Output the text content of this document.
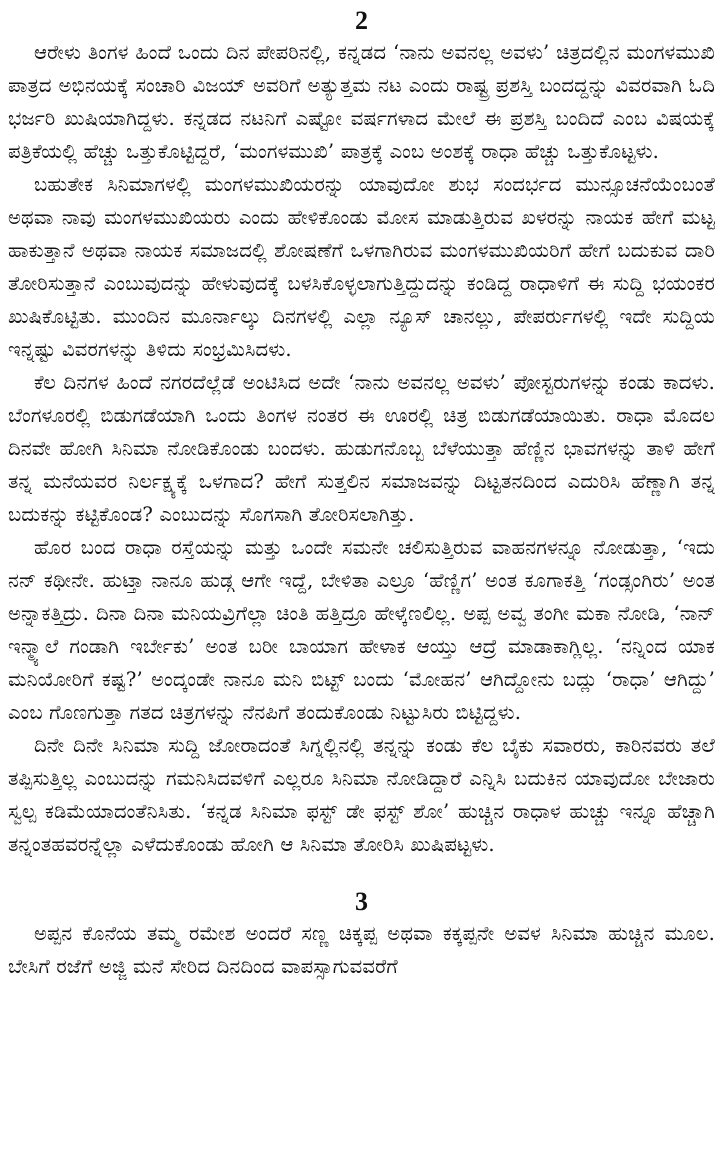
2

ಆರೇಳು ತಿಂಗಳ ಹಿಂದೆ ಒಂದು ದಿನ ಪೇಪರಿನಲ್ಲಿ, ಕನ್ನಡದ ‘ನಾನು ಅವನಲ್ಲ ಅವಳು’ ಚಿತ್ರದಲ್ಲಿನ ಮಂಗಳಮುಖಿ ಪಾತ್ರದ ಅಭಿನಯಕ್ಕೆ ಸಂಚಾರಿ ವಿಜಯ್ ಅವರಿಗೆ ಅತ್ಯುತ್ತಮ ನಟ ಎಂದು ರಾಷ್ಟ್ರ ಪ್ರಶಸ್ತಿ ಬಂದದ್ದನ್ನು ವಿವರವಾಗಿ ಓದಿ ಭರ್ಜರಿ ಖುಷಿಯಾಗಿದ್ದಳು. ಕನ್ನಡದ ನಟನಿಗೆ ಎಷ್ಟೋ ವರ್ಷಗಳಾದ ಮೇಲೆ ಈ ಪ್ರಶಸ್ತಿ ಬಂದಿದೆ ಎಂಬ ವಿಷಯಕ್ಕೆ ಪತ್ರಿಕೆಯಲ್ಲಿ ಹೆಚ್ಚು ಒತ್ತುಕೊಟ್ಟಿದ್ದರೆ, ‘ಮಂಗಳಮುಖಿ’ ಪಾತ್ರಕ್ಕೆ ಎಂಬ ಅಂಶಕ್ಕೆ ರಾಧಾ ಹೆಚ್ಚು ಒತ್ತುಕೊಟ್ಟಳು.

ಬಹುತೇಕ ಸಿನಿಮಾಗಳಲ್ಲಿ ಮಂಗಳಮುಖಿಯರನ್ನು ಯಾವುದೋ ಶುಭ ಸಂದರ್ಭದ ಮುನ್ಸೂಚನೆಯೆಂಬಂತೆ ಅಥವಾ ನಾವು ಮಂಗಳಮುಖಿಯರು ಎಂದು ಹೇಳಿಕೊಂಡು ಮೋಸ ಮಾಡುತ್ತಿರುವ ಖಳರನ್ನು ನಾಯಕ ಹೇಗೆ ಮಟ್ಟ ಹಾಕುತ್ತಾನೆ ಅಥವಾ ನಾಯಕ ಸಮಾಜದಲ್ಲಿ ಶೋಷಣೆಗೆ ಒಳಗಾಗಿರುವ ಮಂಗಳಮುಖಿಯರಿಗೆ ಹೇಗೆ ಬದುಕುವ ದಾರಿ ತೋರಿಸುತ್ತಾನೆ ಎಂಬುವುದನ್ನು ಹೇಳುವುದಕ್ಕೆ ಬಳಸಿಕೊಳ್ಳಲಾಗುತ್ತಿದ್ದುದನ್ನು ಕಂಡಿದ್ದ ರಾಧಾಳಿಗೆ ಈ ಸುದ್ದಿ ಭಯಂಕರ ಖುಷಿಕೊಟ್ಟಿತು. ಮುಂದಿನ ಮೂರ್ನಾಲ್ಕು ದಿನಗಳಲ್ಲಿ ಎಲ್ಲಾ ನ್ಯೂಸ್ ಚಾನಲ್ಲು, ಪೇಪರ್ರುಗಳಲ್ಲಿ ಇದೇ ಸುದ್ದಿಯ ಇನ್ನಷ್ಟು ವಿವರಗಳನ್ನು ತಿಳಿದು ಸಂಭ್ರಮಿಸಿದಳು.

ಕೆಲ ದಿನಗಳ ಹಿಂದೆ ನಗರದೆಲ್ಲೆಡೆ ಅಂಟಿಸಿದ ಅದೇ ‘ನಾನು ಅವನಲ್ಲ ಅವಳು’ ಪೋಸ್ಟರುಗಳನ್ನು ಕಂಡು ಕಾದಳು. ಬೆಂಗಳೂರಲ್ಲಿ ಬಿಡುಗಡೆಯಾಗಿ ಒಂದು ತಿಂಗಳ ನಂತರ ಈ ಊರಲ್ಲಿ ಚಿತ್ರ ಬಿಡುಗಡೆಯಾಯಿತು. ರಾಧಾ ಮೊದಲ ದಿನವೇ ಹೋಗಿ ಸಿನಿಮಾ ನೋಡಿಕೊಂಡು ಬಂದಳು. ಹುಡುಗನೊಬ್ಬ ಬೆಳೆಯುತ್ತಾ ಹೆಣ್ಣಿನ ಭಾವಗಳನ್ನು ತಾಳಿ ಹೇಗೆ ತನ್ನ ಮನೆಯವರ ನಿರ್ಲಕ್ಷ್ಯಕ್ಕೆ ಒಳಗಾದ? ಹೇಗೆ ಸುತ್ತಲಿನ ಸಮಾಜವನ್ನು ದಿಟ್ಟತನದಿಂದ ಎದುರಿಸಿ ಹೆಣ್ಣಾಗಿ ತನ್ನ ಬದುಕನ್ನು ಕಟ್ಟಿಕೊಂಡ? ಎಂಬುದನ್ನು ಸೊಗಸಾಗಿ ತೋರಿಸಲಾಗಿತ್ತು.

ಹೊರ ಬಂದ ರಾಧಾ ರಸ್ತೆಯನ್ನು ಮತ್ತು ಒಂದೇ ಸಮನೇ ಚಲಿಸುತ್ತಿರುವ ವಾಹನಗಳನ್ನೂ ನೋಡುತ್ತಾ, ‘ಇದು ನನ್ ಕಥೀನೇ. ಹುಟ್ತಾ ನಾನೂ ಹುಡ್ಗ ಆಗೇ ಇದ್ದೆ, ಬೇಳಿತಾ ಎಲ್ರೂ ‘ಹೆಣ್ಣಿಗ’ ಅಂತ ಕೂಗಾಕತ್ತಿ ‘ಗಂಡ್ಸಂಗಿರು’ ಅಂತ ಅನ್ನಾಕತ್ತಿದ್ರು. ದಿನಾ ದಿನಾ ಮನಿಯವ್ರಿಗೆಲ್ಲಾ ಚಿಂತಿ ಹತ್ತಿದ್ರೂ ಹೇಳ್ಕೆಣಲಿಲ್ಲ. ಅಪ್ಪ ಅವ್ವ ತಂಗೀ ಮಕಾ ನೋಡಿ, ‘ನಾನ್ ಇನ್ಮ್ಯಾಲೆ ಗಂಡಾಗಿ ಇರ್ಬೇಕು’ ಅಂತ ಬರೀ ಬಾಯಾಗ ಹೇಳಾಕ ಆಯ್ತು ಆದ್ರೆ ಮಾಡಾಕಾಗ್ಲಿಲ್ಲ. ‘ನನ್ನಿಂದ ಯಾಕ ಮನಿಯೋರಿಗೆ ಕಷ್ಟ?’ ಅಂದ್ಕಂಡೇ ನಾನೂ ಮನಿ ಬಿಟ್ಟ್ ಬಂದು ‘ಮೋಹನ’ ಆಗಿದ್ದೋನು ಬದ್ಲು ‘ರಾಧಾ’ ಆಗಿದ್ದು’ ಎಂಬ ಗೊಣಗುತ್ತಾ ಗತದ ಚಿತ್ರಗಳನ್ನು ನೆನಪಿಗೆ ತಂದುಕೊಂಡು ನಿಟ್ಟುಸಿರು ಬಿಟ್ಟಿದ್ದಳು.

ದಿನೇ ದಿನೇ ಸಿನಿಮಾ ಸುದ್ದಿ ಜೋರಾದಂತೆ ಸಿಗ್ನಲ್ಲಿನಲ್ಲಿ ತನ್ನನ್ನು ಕಂಡು ಕೆಲ ಬೈಕು ಸವಾರರು, ಕಾರಿನವರು ತಲೆ ತಪ್ಪಿಸುತ್ತಿಲ್ಲ ಎಂಬುದನ್ನು ಗಮನಿಸಿದವಳಿಗೆ ಎಲ್ಲರೂ ಸಿನಿಮಾ ನೋಡಿದ್ದಾರೆ ಎನ್ನಿಸಿ ಬದುಕಿನ ಯಾವುದೋ ಬೇಜಾರು ಸ್ವಲ್ಪ ಕಡಿಮೆಯಾದಂತೆನಿಸಿತು. ‘ಕನ್ನಡ ಸಿನಿಮಾ ಫಸ್ಟ್ ಡೇ ಫಸ್ಟ್ ಶೋ’ ಹುಚ್ಚಿನ ರಾಧಾಳ ಹುಚ್ಚು ಇನ್ನೂ ಹೆಚ್ಚಾಗಿ ತನ್ನಂತಹವರನ್ನೆಲ್ಲಾ ಎಳೆದುಕೊಂಡು ಹೋಗಿ ಆ ಸಿನಿಮಾ ತೋರಿಸಿ ಖುಷಿಪಟ್ಟಳು.

3

ಅಪ್ಪನ ಕೊನೆಯ ತಮ್ಮ ರಮೇಶ ಅಂದರೆ ಸಣ್ಣ ಚಿಕ್ಕಪ್ಪ ಅಥವಾ ಕಕ್ಕಪ್ಪನೇ ಅವಳ ಸಿನಿಮಾ ಹುಚ್ಚಿನ ಮೂಲ. ಬೇಸಿಗೆ ರಜೆಗೆ ಅಜ್ಜಿ ಮನೆ ಸೇರಿದ ದಿನದಿಂದ ವಾಪಸ್ಸಾಗುವವರೆಗೆ
